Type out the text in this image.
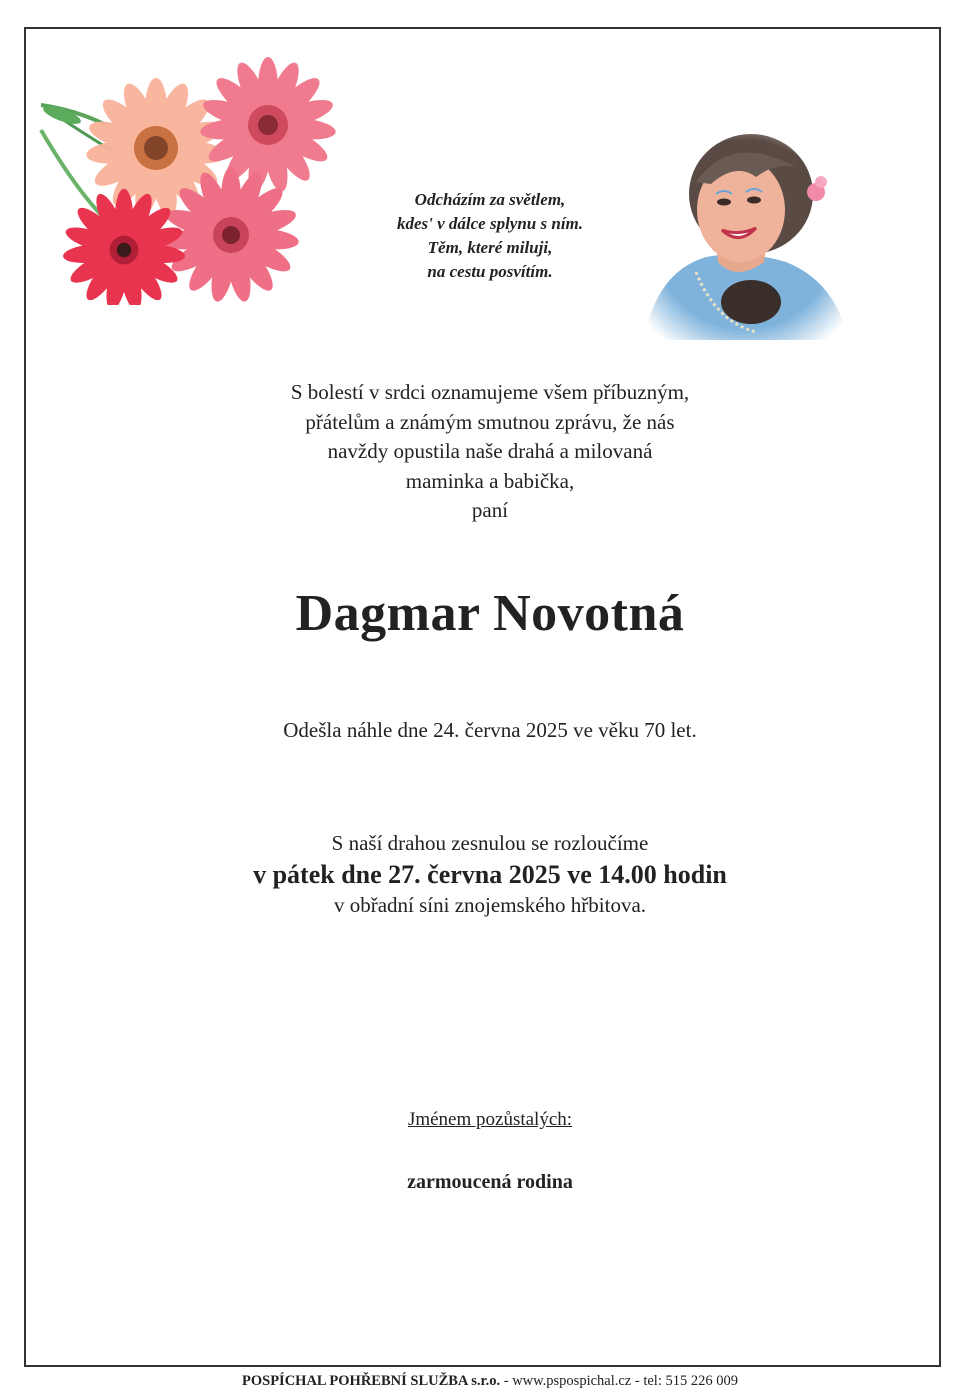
Odcházím za světlem,
kdes' v dálce splynu s ním.
Těm, které miluji,
na cestu posvítím.
S bolestí v srdci oznamujeme všem příbuzným,
přátelům a známým smutnou zprávu, že nás
navždy opustila naše drahá a milovaná
maminka a babička,
paní
Dagmar Novotná
Odešla náhle dne 24. června 2025 ve věku 70 let.
S naší drahou zesnulou se rozloučíme
v pátek dne 27. června 2025 ve 14.00 hodin
v obřadní síni znojemského hřbitova.
Jménem pozůstalých:
zarmoucená rodina
POSPÍCHAL POHŘEBNÍ SLUŽBA s.r.o. - www.psposp​ichal.cz - tel: 515 226 009
